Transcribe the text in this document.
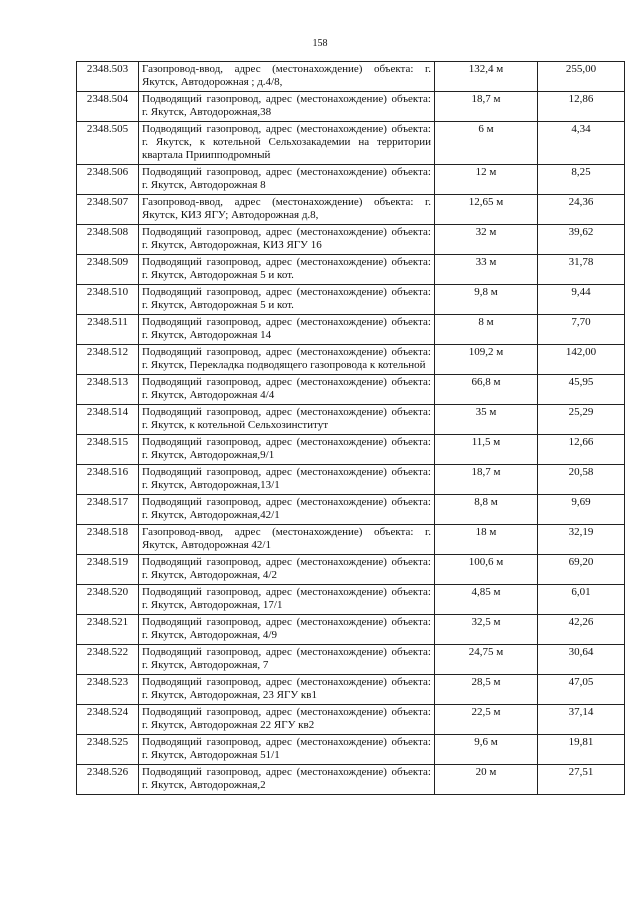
158
2348.503	Газопровод-ввод, адрес (местонахождение) объекта: г. Якутск, Автодорожная ; д.4/8,	132,4 м	255,00
2348.504	Подводящий газопровод, адрес (местонахождение) объекта: г. Якутск, Автодорожная,38	18,7 м	12,86
2348.505	Подводящий газопровод, адрес (местонахождение) объекта: г. Якутск, к котельной Сельхозакадемии на территории квартала Приипподромный	6 м	4,34
2348.506	Подводящий газопровод, адрес (местонахождение) объекта: г. Якутск, Автодорожная 8	12 м	8,25
2348.507	Газопровод-ввод, адрес (местонахождение) объекта: г. Якутск, КИЗ ЯГУ; Автодорожная д.8,	12,65 м	24,36
2348.508	Подводящий газопровод, адрес (местонахождение) объекта: г. Якутск, Автодорожная, КИЗ ЯГУ 16	32 м	39,62
2348.509	Подводящий газопровод, адрес (местонахождение) объекта: г. Якутск, Автодорожная 5 и кот.	33 м	31,78
2348.510	Подводящий газопровод, адрес (местонахождение) объекта: г. Якутск, Автодорожная 5 и кот.	9,8 м	9,44
2348.511	Подводящий газопровод, адрес (местонахождение) объекта: г. Якутск, Автодорожная 14	8 м	7,70
2348.512	Подводящий газопровод, адрес (местонахождение) объекта: г. Якутск, Перекладка подводящего газопровода к котельной	109,2 м	142,00
2348.513	Подводящий газопровод, адрес (местонахождение) объекта: г. Якутск, Автодорожная 4/4	66,8 м	45,95
2348.514	Подводящий газопровод, адрес (местонахождение) объекта: г. Якутск, к котельной Сельхозинститут	35 м	25,29
2348.515	Подводящий газопровод, адрес (местонахождение) объекта: г. Якутск, Автодорожная,9/1	11,5 м	12,66
2348.516	Подводящий газопровод, адрес (местонахождение) объекта: г. Якутск, Автодорожная,13/1	18,7 м	20,58
2348.517	Подводящий газопровод, адрес (местонахождение) объекта: г. Якутск, Автодорожная,42/1	8,8 м	9,69
2348.518	Газопровод-ввод, адрес (местонахождение) объекта: г. Якутск, Автодорожная 42/1	18 м	32,19
2348.519	Подводящий газопровод, адрес (местонахождение) объекта: г. Якутск, Автодорожная, 4/2	100,6 м	69,20
2348.520	Подводящий газопровод, адрес (местонахождение) объекта: г. Якутск, Автодорожная, 17/1	4,85 м	6,01
2348.521	Подводящий газопровод, адрес (местонахождение) объекта: г. Якутск, Автодорожная, 4/9	32,5 м	42,26
2348.522	Подводящий газопровод, адрес (местонахождение) объекта: г. Якутск, Автодорожная, 7	24,75 м	30,64
2348.523	Подводящий газопровод, адрес (местонахождение) объекта: г. Якутск, Автодорожная, 23 ЯГУ кв1	28,5 м	47,05
2348.524	Подводящий газопровод, адрес (местонахождение) объекта: г. Якутск, Автодорожная 22 ЯГУ кв2	22,5 м	37,14
2348.525	Подводящий газопровод, адрес (местонахождение) объекта: г. Якутск, Автодорожная 51/1	9,6 м	19,81
2348.526	Подводящий газопровод, адрес (местонахождение) объекта: г. Якутск, Автодорожная,2	20 м	27,51
